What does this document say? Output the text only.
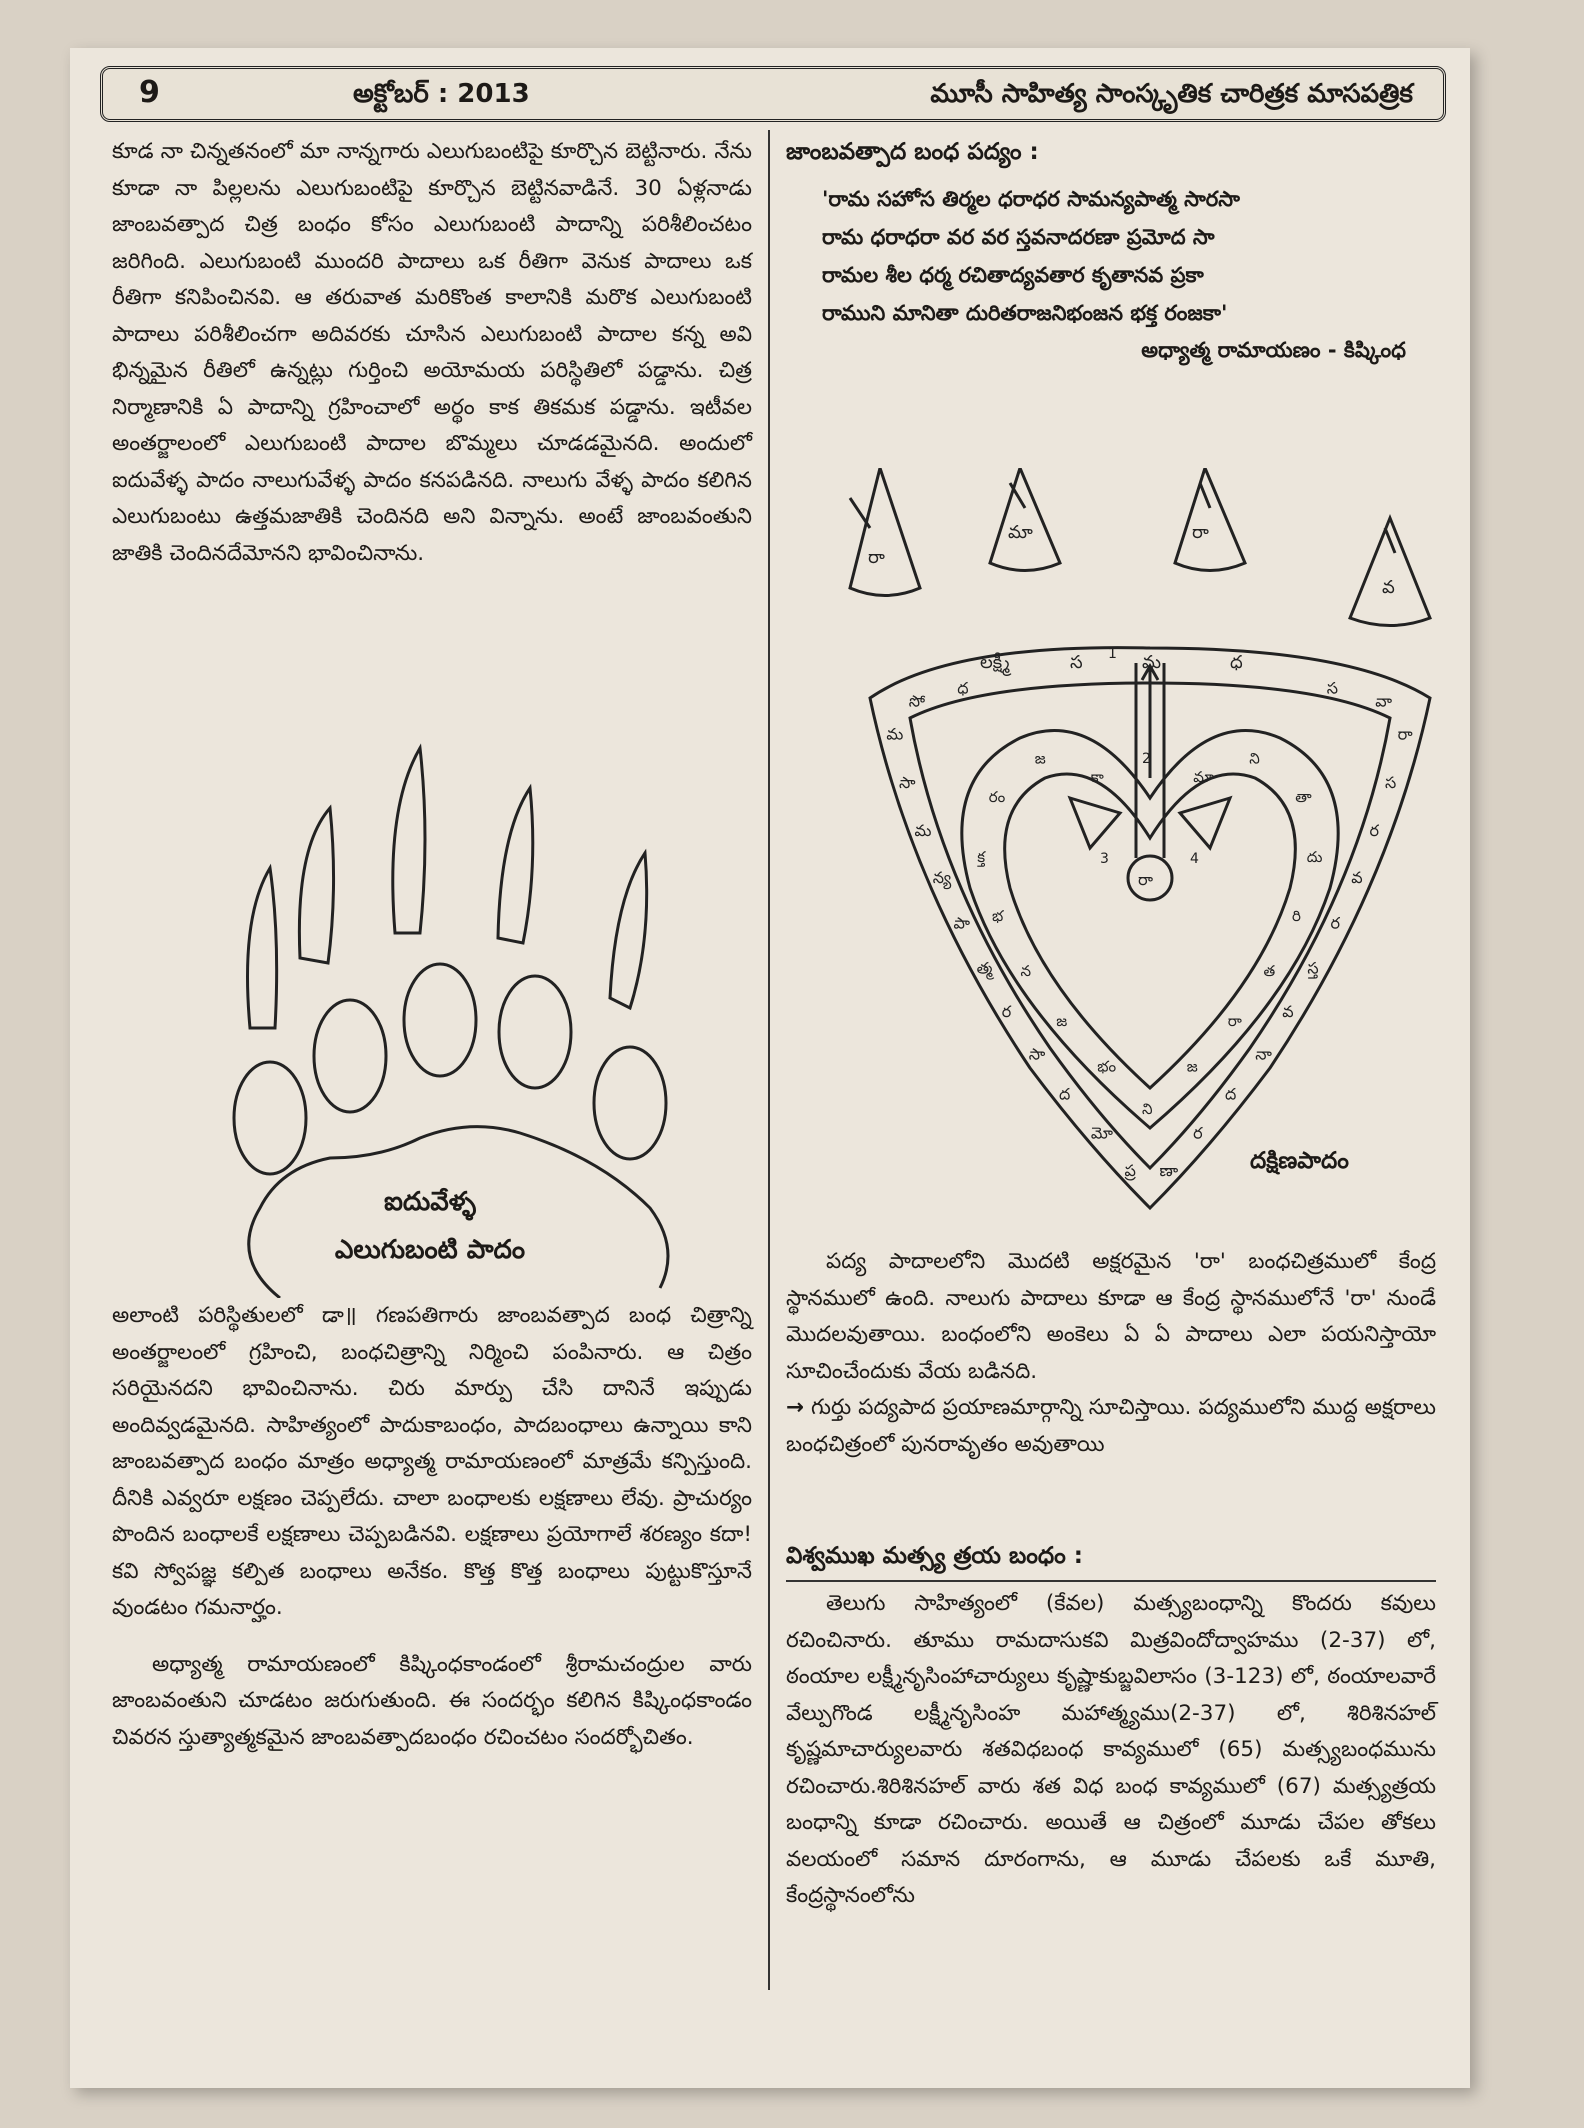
9	అక్టోబర్ : 2013	మూసీ సాహిత్య సాంస్కృతిక చారిత్రక మాసపత్రిక

కూడ నా చిన్నతనంలో మా నాన్నగారు ఎలుగుబంటిపై కూర్చొన బెట్టినారు. నేను కూడా నా పిల్లలను ఎలుగుబంటిపై కూర్చొన బెట్టినవాడినే. 30 ఏళ్లనాడు జాంబవత్పాద చిత్ర బంధం కోసం ఎలుగుబంటి పాదాన్ని పరిశీలించటం జరిగింది. ఎలుగుబంటి ముందరి పాదాలు ఒక రీతిగా వెనుక పాదాలు ఒక రీతిగా కనిపించినవి. ఆ తరువాత మరికొంత కాలానికి మరొక ఎలుగుబంటి పాదాలు పరిశీలించగా అదివరకు చూసిన ఎలుగుబంటి పాదాల కన్న అవి భిన్నమైన రీతిలో ఉన్నట్లు గుర్తించి అయోమయ పరిస్థితిలో పడ్డాను. చిత్ర నిర్మాణానికి ఏ పాదాన్ని గ్రహించాలో అర్థం కాక తికమక పడ్డాను. ఇటీవల అంతర్జాలంలో ఎలుగుబంటి పాదాల బొమ్మలు చూడడమైనది. అందులో ఐదువేళ్ళ పాదం నాలుగువేళ్ళ పాదం కనపడినది. నాలుగు వేళ్ళ పాదం కలిగిన ఎలుగుబంటు ఉత్తమజాతికి చెందినది అని విన్నాను. అంటే జాంబవంతుని జాతికి చెందినదేమోనని భావించినాను.

ఐదువేళ్ళ
ఎలుగుబంటి పాదం

అలాంటి పరిస్థితులలో డా॥ గణపతిగారు జాంబవత్పాద బంధ చిత్రాన్ని అంతర్జాలంలో గ్రహించి, బంధచిత్రాన్ని నిర్మించి పంపినారు. ఆ చిత్రం సరియైనదని భావించినాను. చిరు మార్పు చేసి దానినే ఇప్పుడు అందివ్వడమైనది. సాహిత్యంలో పాదుకాబంధం, పాదబంధాలు ఉన్నాయి కాని జాంబవత్పాద బంధం మాత్రం అధ్యాత్మ రామాయణంలో మాత్రమే కన్పిస్తుంది. దీనికి ఎవ్వరూ లక్షణం చెప్పలేదు. చాలా బంధాలకు లక్షణాలు లేవు. ప్రాచుర్యం పొందిన బంధాలకే లక్షణాలు చెప్పబడినవి. లక్షణాలు ప్రయోగాలే శరణ్యం కదా! కవి స్వోపజ్ఞ కల్పిత బంధాలు అనేకం. కొత్త కొత్త బంధాలు పుట్టుకొస్తూనే వుండటం గమనార్హం.

అధ్యాత్మ రామాయణంలో కిష్కింధకాండంలో శ్రీరామచంద్రుల వారు జాంబవంతుని చూడటం జరుగుతుంది. ఈ సందర్భం కలిగిన కిష్కింధకాండం చివరన స్తుత్యాత్మకమైన జాంబవత్పాదబంధం రచించటం సందర్భోచితం.

జాంబవత్పాద బంధ పద్యం :
'రామ సహోస తిర్మల ధరాధర సామన్యపాత్మ సారసా
రామ ధరాధరా వర వర స్తవనాదరణా ప్రమోద సా
రామల శీల ధర్మ రచితాద్యవతార కృతానవ ప్రకా
రాముని మానితా దురితరాజనిభంజన భక్త రంజకా'
అధ్యాత్మ రామాయణం - కిష్కింధ
రా
మా	రా
వ
లక్ష్మీ	స	మ	ధ
1
2
3	4
రా
స
వా
రా
స
ర
వ
ర
స్త
వ
నా
ద
ర
ణా
ప్ర
మో
ద
సా
ర
త్మ
పా
న్య
మ
సా
మ
సో
ధ
మా
ని
తా
దు
రి
త
రా
జ
ని
భం
జ
న
భ
క్త
రం
జ
కా
దక్షిణపాదం

పద్య పాదాలలోని మొదటి అక్షరమైన 'రా' బంధచిత్రములో కేంద్ర స్థానములో ఉంది. నాలుగు పాదాలు కూడా ఆ కేంద్ర స్థానములోనే 'రా' నుండే మొదలవుతాయి. బంధంలోని అంకెలు ఏ ఏ పాదాలు ఎలా పయనిస్తాయో సూచించేందుకు వేయ బడినది.

→ గుర్తు పద్యపాద ప్రయాణమార్గాన్ని సూచిస్తాయి. పద్యములోని ముద్ద అక్షరాలు బంధచిత్రంలో పునరావృతం అవుతాయి

విశ్వముఖ మత్స్య త్రయ బంధం :

తెలుగు సాహిత్యంలో (కేవల) మత్స్యబంధాన్ని కొందరు కవులు రచించినారు. తూము రామదాసుకవి మిత్రవిందోద్వాహము (2-37) లో, ఠంయాల లక్ష్మీనృసింహాచార్యులు కృష్ణాకుబ్జవిలాసం (3-123) లో, ఠంయాలవారే వేల్పుగొండ లక్ష్మీనృసింహ మహాత్మ్యము(2-37) లో, శిరిశినహల్ కృష్ణమాచార్యులవారు శతవిధబంధ కావ్యములో (65) మత్స్యబంధమును రచించారు.శిరిశినహల్ వారు శత విధ బంధ కావ్యములో (67) మత్స్యత్రయ బంధాన్ని కూడా రచించారు. అయితే ఆ చిత్రంలో మూడు చేపల తోకలు వలయంలో సమాన దూరంగాను, ఆ మూడు చేపలకు ఒకే మూతి, కేంద్రస్థానంలోను
